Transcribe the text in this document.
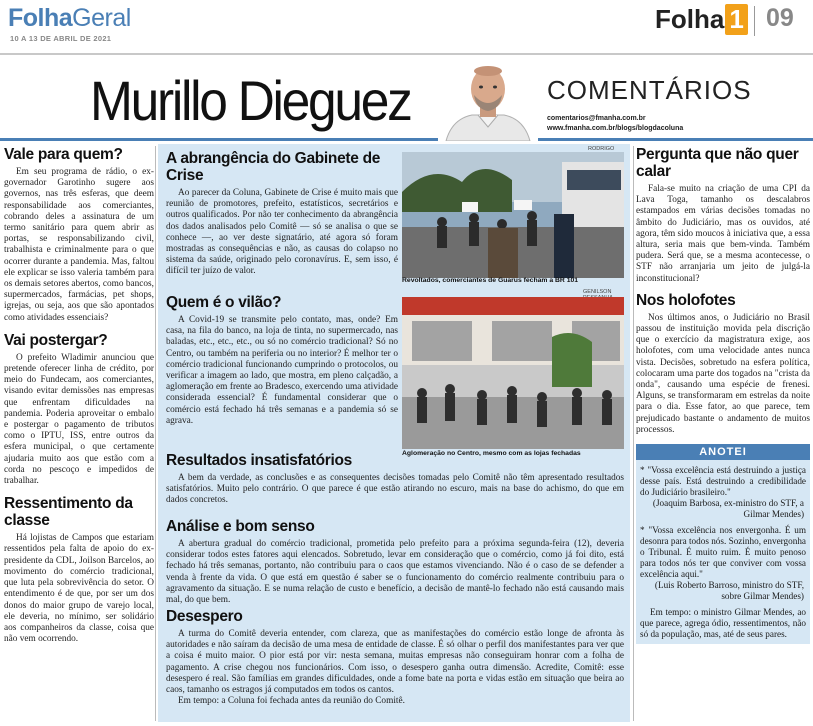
FolhaGeral
10 A 13 DE ABRIL DE 2021
Folha 1 09
Murillo Dieguez	COMENTÁRIOS
comentarios@fmanha.com.br
www.fmanha.com.br/blogs/blogdacoluna
Vale para quem?

Em seu programa de rádio, o ex-governador Garotinho sugere aos governos, nas três esferas, que deem responsabilidade aos comerciantes, cobrando deles a assinatura de um termo sanitário para quem abrir as portas, se responsabilizando civil, trabalhista e criminalmente para o que ocorrer durante a pandemia. Mas, faltou ele explicar se isso valeria também para os demais setores abertos, como bancos, supermercados, farmácias, pet shops, igrejas, ou seja, aos que são apontados como atividades essenciais?

Vai postergar?

O prefeito Wladimir anunciou que pretende oferecer linha de crédito, por meio do Fundecam, aos comerciantes, visando evitar demissões nas empresas que enfrentam dificuldades na pandemia. Poderia aproveitar o embalo e postergar o pagamento de tributos como o IPTU, ISS, entre outros da esfera municipal, o que certamente ajudaria muito aos que estão com a corda no pescoço e impedidos de trabalhar.

Ressentimento da classe

Há lojistas de Campos que estariam ressentidos pela falta de apoio do ex-presidente da CDL, Joilson Barcelos, ao movimento do comércio tradicional, que luta pela sobrevivência do setor. O entendimento é de que, por ser um dos donos do maior grupo de varejo local, ele deveria, no mínimo, ser solidário aos companheiros da classe, coisa que não vem ocorrendo.

A abrangência do Gabinete de Crise

Ao parecer da Coluna, Gabinete de Crise é muito mais que reunião de promotores, prefeito, estatísticos, secretários e outros qualificados. Por não ter conhecimento da abrangência dos dados analisados pelo Comitê — só se analisa o que se conhece —, ao ver deste signatário, até agora só foram mostradas as consequências e não, as causas do colapso no sistema da saúde, originado pelo coronavírus. E, sem isso, é difícil ter juízo de valor.

RODRIGO
Revoltados, comerciantes de Guarus fecham a BR 101
GENILSON
Aglomeração no Centro, mesmo com as lojas fechadas
Quem é o vilão?

A Covid-19 se transmite pelo contato, mas, onde? Em casa, na fila do banco, na loja de tinta, no supermercado, nas baladas, etc., etc., etc., ou só no comércio tradicional? Só no Centro, ou também na periferia ou no interior? É melhor ter o comércio tradicional funcionando cumprindo o protocolos, ou verificar a imagem ao lado, que mostra, em pleno calçadão, a aglomeração em frente ao Bradesco, exercendo uma atividade considerada essencial? É fundamental considerar que o comércio está fechado há três semanas e a pandemia só se agrava.

Resultados insatisfatórios

A bem da verdade, as conclusões e as consequentes decisões tomadas pelo Comitê não têm apresentado resultados satisfatórios. Muito pelo contrário. O que parece é que estão atirando no escuro, mais na base do achismo, do que em dados concretos.

Análise e bom senso

A abertura gradual do comércio tradicional, prometida pelo prefeito para a próxima segunda-feira (12), deveria considerar todos estes fatores aqui elencados. Sobretudo, levar em consideração que o comércio, como já foi dito, está fechado há três semanas, portanto, não contribuiu para o caos que estamos vivenciando. Não é o caso de se defender a venda à frente da vida. O que está em questão é saber se o funcionamento do comércio realmente contribuiu para o agravamento da situação. E se numa relação de custo e benefício, a decisão de mantê-lo fechado não está causando mais mal, do que bem.

Desespero

A turma do Comitê deveria entender, com clareza, que as manifestações do comércio estão longe de afronta às autoridades e não saíram da decisão de uma mesa de entidade de classe. É só olhar o perfil dos manifestantes para ver que a coisa é muito maior. O pior está por vir: nesta semana, muitas empresas não conseguiram honrar com a folha de pagamento. A crise chegou nos funcionários. Com isso, o desespero ganha outra dimensão. Acredite, Comitê: esse desespero é real. São famílias em grandes dificuldades, onde a fome bate na porta e vidas estão em situação que beira ao caos, tamanho os estragos já computados em todos os cantos.

Em tempo: a Coluna foi fechada antes da reunião do Comitê.

Pergunta que não quer calar

Fala-se muito na criação de uma CPI da Lava Toga, tamanho os descalabros estampados em várias decisões tomadas no âmbito do Judiciário, mas os ouvidos, até agora, têm sido moucos à iniciativa que, a essa altura, seria mais que bem-vinda. Também pudera. Será que, se a mesma acontecesse, o STF não arranjaria um jeito de julgá-la inconstitucional?

Nos holofotes

Nos últimos anos, o Judiciário no Brasil passou de instituição movida pela discrição que o exercício da magistratura exige, aos holofotes, com uma velocidade antes nunca vista. Decisões, sobretudo na esfera política, colocaram uma parte dos togados na "crista da onda", causando uma espécie de frenesi. Alguns, se transformaram em estrelas da noite para o dia. Esse fator, ao que parece, tem prejudicado bastante o andamento de muitos processos.

ANOTEI

* "Vossa excelência está destruindo a justiça desse país. Está destruindo a credibilidade do Judiciário brasileiro."

(Joaquim Barbosa, ex-ministro do STF, a Gilmar Mendes)

* "Vossa excelência nos envergonha. É um desonra para todos nós. Sozinho, envergonha o Tribunal. É muito ruim. É muito penoso para todos nós ter que conviver com vossa excelência aqui."

(Luis Roberto Barroso, ministro do STF, sobre Gilmar Mendes)

Em tempo: o ministro Gilmar Mendes, ao que parece, agrega ódio, ressentimentos, não só da população, mas, até de seus pares.
